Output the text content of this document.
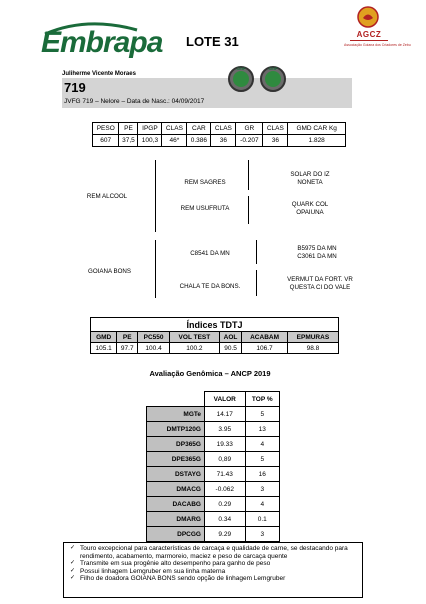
Embrapa LOTE 31	AGCZ
Associação Goiana dos Criadores de Zebu
Juliherme Vicente Moraes
719
JVFG 719 – Nelore – Data de Nasc.: 04/09/2017
CEIP	CEIP
PESO	PE	IPGP	CLAS	CAR	CLAS	GR	CLAS	GMD CAR Kg
607	37,5	100,3	46*	0.386	36	-0.207	36	1.828
REM ALCOOL
REM SAGRES
SOLAR DO IZ
NONETA
REM USUFRUTA
QUARK COL
OPAIUNA
GOIANA BONS
C8541 DA MN
B5975 DA MN
C3061 DA MN
CHALA TE DA BONS.
VERMUT DA FORT. VR
QUESTA CI DO VALE
Índices TDTJ						
GMD	PE	PC550	VOL TEST	AOL	ACABAM	EPMURAS
105.1	97.7	100.4	100.2	90.5	106.7	98.8
Avaliação Genômica – ANCP 2019
	VALOR	TOP %
MGTe	14.17	5
DMTP120G	3.95	13
DP365G	19.33	4
DPE365G	0,89	5
DSTAYG	71.43	16
DMACG	-0.062	3
DACABG	0.29	4
DMARG	0.34	0.1
DPCGG	9.29	3
✓ Touro excepcional para características de carcaça e qualidade de carne, se destacando para rendimento, acabamento, marmoreio, maciez e peso de carcaça quente
✓ Transmite em sua progênie alto desempenho para ganho de peso
✓ Possui linhagem Lemgruber em sua linha materna
✓ Filho de doadora GOIANA BONS sendo opção de linhagem Lemgruber
